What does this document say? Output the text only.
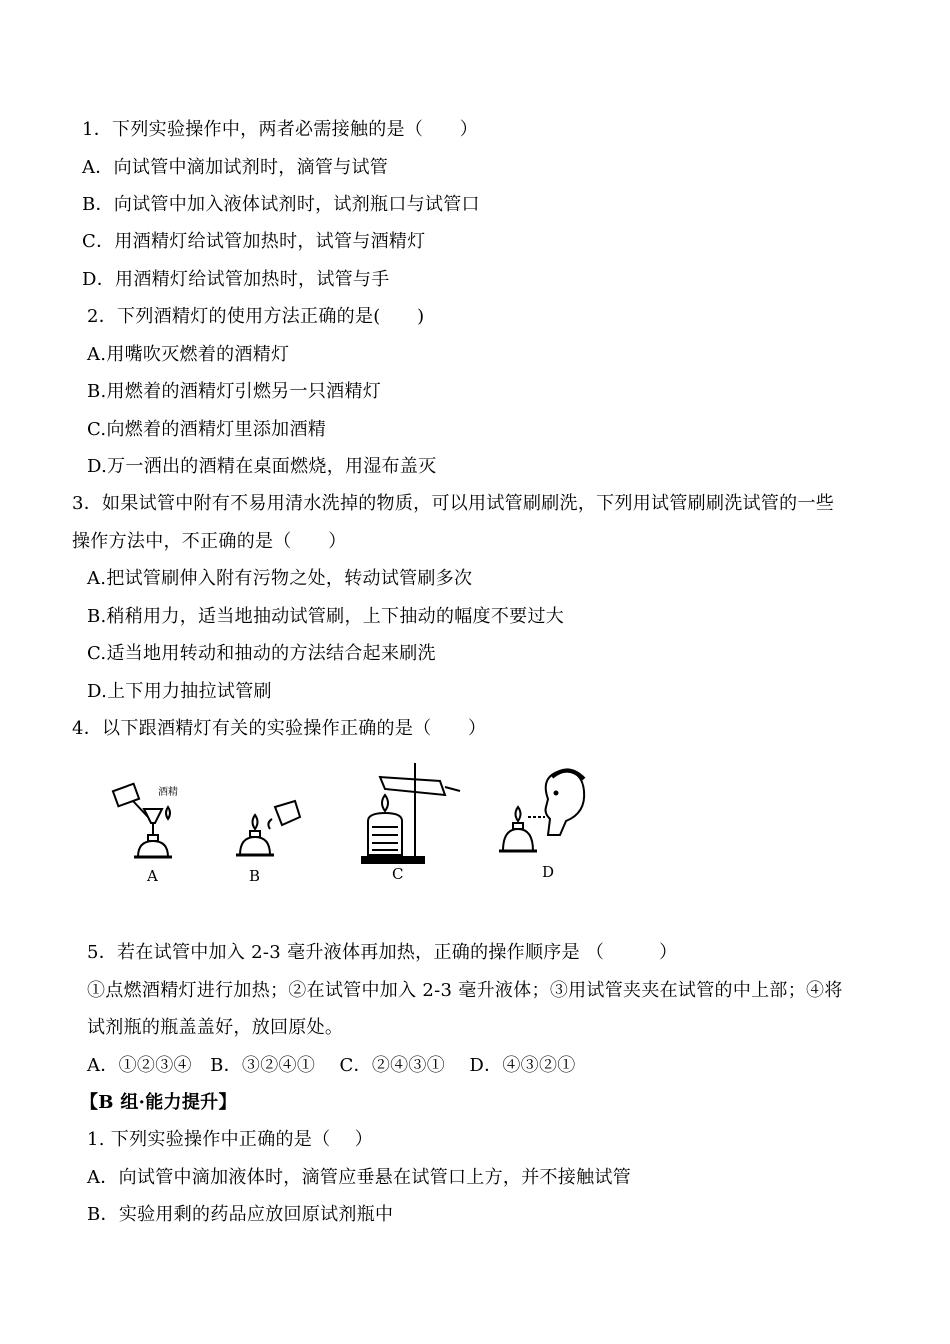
1．下列实验操作中，两者必需接触的是（　　）
A．向试管中滴加试剂时，滴管与试管
B．向试管中加入液体试剂时，试剂瓶口与试管口
C．用酒精灯给试管加热时，试管与酒精灯
D．用酒精灯给试管加热时，试管与手
2．下列酒精灯的使用方法正确的是(　　)
A.用嘴吹灭燃着的酒精灯
B.用燃着的酒精灯引燃另一只酒精灯
C.向燃着的酒精灯里添加酒精
D.万一洒出的酒精在桌面燃烧，用湿布盖灭
3．如果试管中附有不易用清水洗掉的物质，可以用试管刷刷洗，下列用试管刷刷洗试管的一些
操作方法中，不正确的是（　　）
A.把试管刷伸入附有污物之处，转动试管刷多次
B.稍稍用力，适当地抽动试管刷，上下抽动的幅度不要过大
C.适当地用转动和抽动的方法结合起来刷洗
D.上下用力抽拉试管刷
4．以下跟酒精灯有关的实验操作正确的是（　　）
酒精
A	B	C	D
5．若在试管中加入 2-3 毫升液体再加热，正确的操作顺序是 （　　　）
①点燃酒精灯进行加热；②在试管中加入 2-3 毫升液体；③用试管夹夹在试管的中上部；④将
试剂瓶的瓶盖盖好，放回原处。
A．①②③④　B．③②④①　 C．②④③①　 D．④③②①
【B 组·能力提升】
1. 下列实验操作中正确的是（　 ）
A．向试管中滴加液体时，滴管应垂悬在试管口上方，并不接触试管
B．实验用剩的药品应放回原试剂瓶中
